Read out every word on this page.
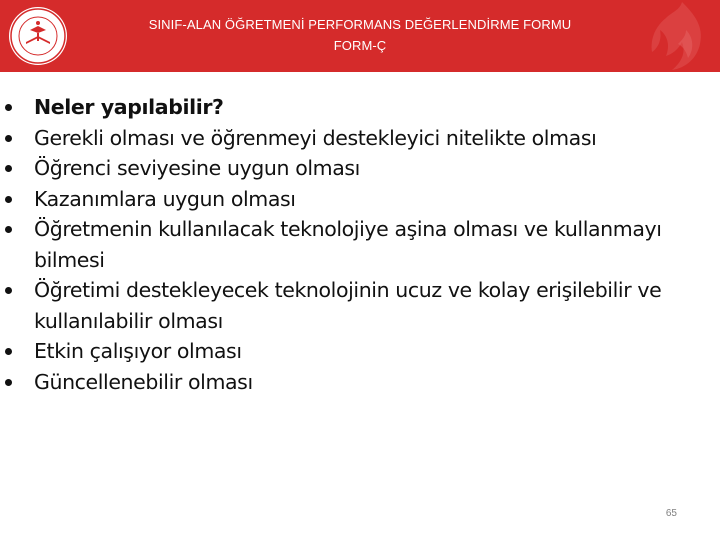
SINIF-ALAN ÖĞRETMENİ PERFORMANS DEĞERLENDİRME FORMU
FORM-Ç
Neler yapılabilir?
Gerekli olması ve öğrenmeyi destekleyici nitelikte olması
Öğrenci seviyesine uygun olması
Kazanımlara uygun olması
Öğretmenin kullanılacak teknolojiye aşina olması ve kullanmayı bilmesi
Öğretimi destekleyecek teknolojinin ucuz ve kolay erişilebilir ve kullanılabilir olması
Etkin çalışıyor olması
Güncellenebilir olması
65
